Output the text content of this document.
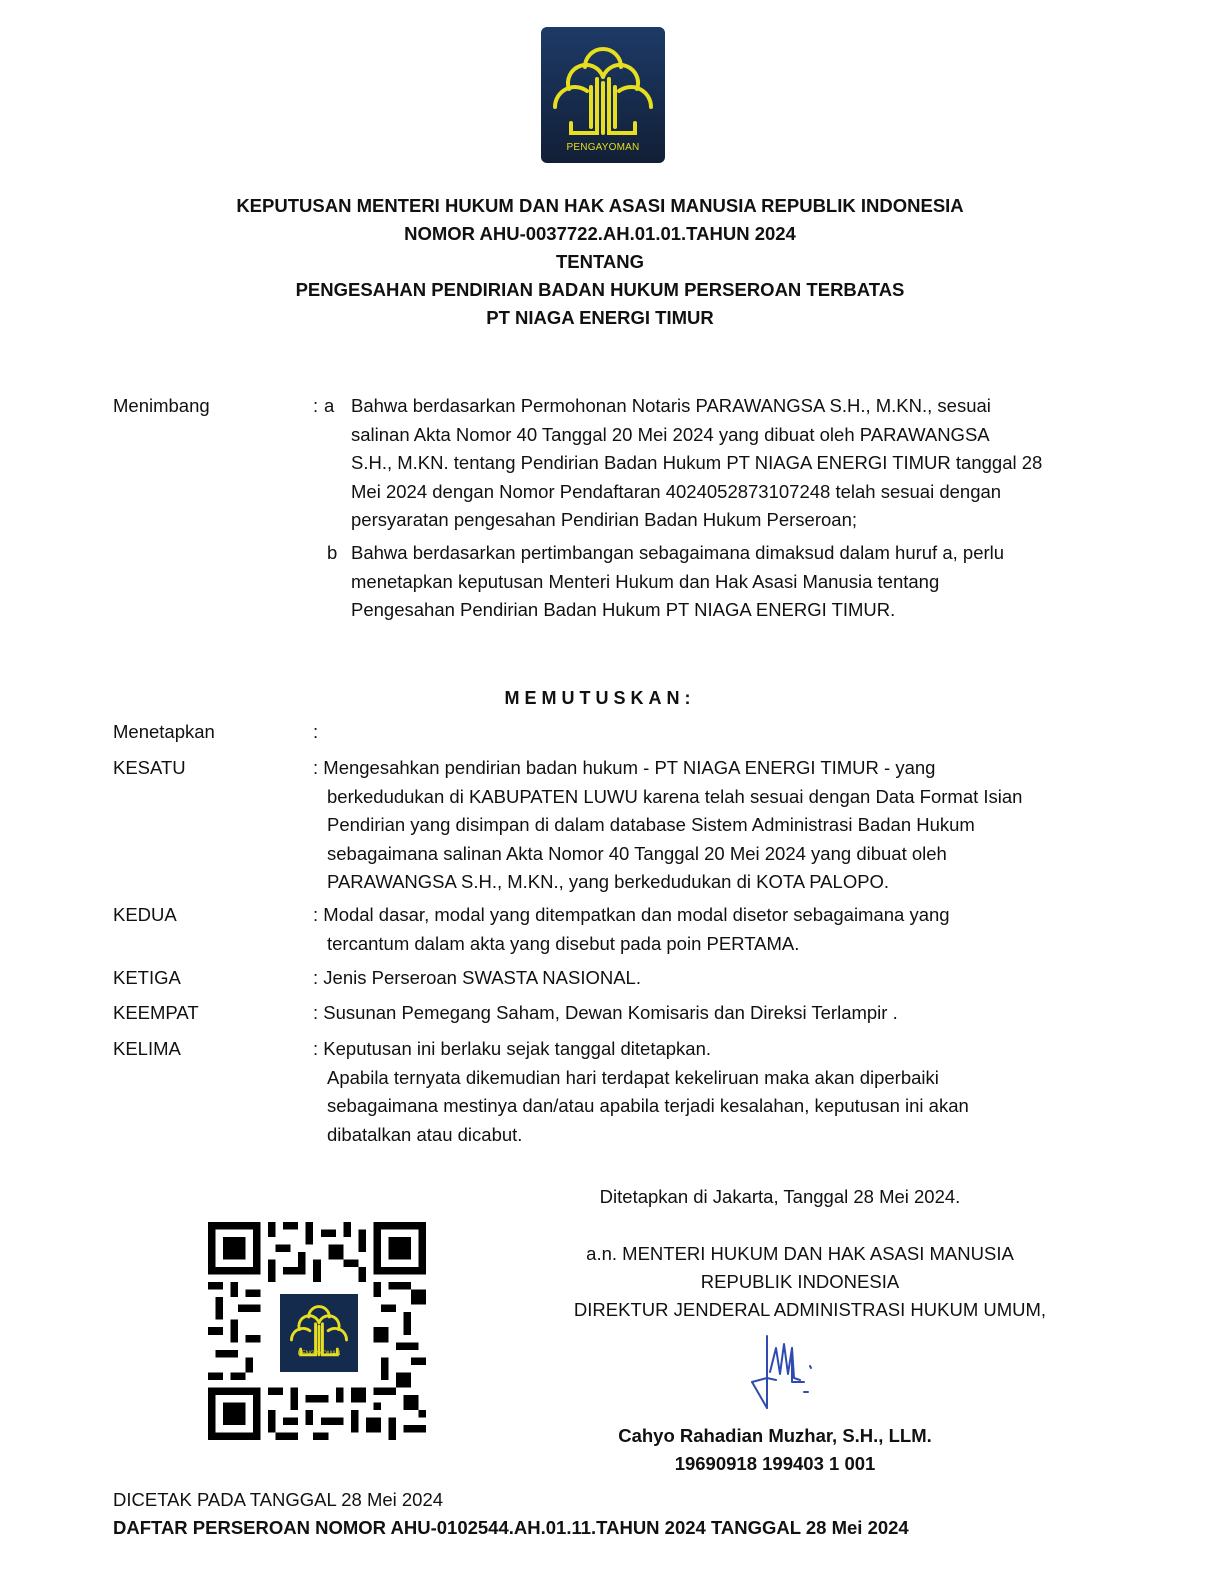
PENGAYOMAN
KEPUTUSAN MENTERI HUKUM DAN HAK ASASI MANUSIA REPUBLIK INDONESIA
NOMOR AHU-0037722.AH.01.01.TAHUN 2024
TENTANG
PENGESAHAN PENDIRIAN BADAN HUKUM PERSEROAN TERBATAS
PT NIAGA ENERGI TIMUR
Menimbang	: a Bahwa berdasarkan Permohonan Notaris PARAWANGSA S.H., M.KN., sesuai
salinan Akta Nomor 40 Tanggal 20 Mei 2024 yang dibuat oleh PARAWANGSA
S.H., M.KN. tentang Pendirian Badan Hukum PT NIAGA ENERGI TIMUR tanggal 28
Mei 2024 dengan Nomor Pendaftaran 4024052873107248 telah sesuai dengan
persyaratan pengesahan Pendirian Badan Hukum Perseroan;
b Bahwa berdasarkan pertimbangan sebagaimana dimaksud dalam huruf a, perlu
menetapkan keputusan Menteri Hukum dan Hak Asasi Manusia tentang
Pengesahan Pendirian Badan Hukum PT NIAGA ENERGI TIMUR.
MEMUTUSKAN:
Menetapkan	:
KESATU	: Mengesahkan pendirian badan hukum - PT NIAGA ENERGI TIMUR - yang
berkedudukan di KABUPATEN LUWU karena telah sesuai dengan Data Format Isian
Pendirian yang disimpan di dalam database Sistem Administrasi Badan Hukum
sebagaimana salinan Akta Nomor 40 Tanggal 20 Mei 2024 yang dibuat oleh
PARAWANGSA S.H., M.KN., yang berkedudukan di KOTA PALOPO.
KEDUA	: Modal dasar, modal yang ditempatkan dan modal disetor sebagaimana yang
tercantum dalam akta yang disebut pada poin PERTAMA.
KETIGA	: Jenis Perseroan SWASTA NASIONAL.
KEEMPAT	: Susunan Pemegang Saham, Dewan Komisaris dan Direksi Terlampir .
KELIMA	: Keputusan ini berlaku sejak tanggal ditetapkan.
Apabila ternyata dikemudian hari terdapat kekeliruan maka akan diperbaiki
sebagaimana mestinya dan/atau apabila terjadi kesalahan, keputusan ini akan
dibatalkan atau dicabut.
Ditetapkan di Jakarta, Tanggal 28 Mei 2024.
a.n. MENTERI HUKUM DAN HAK ASASI MANUSIA
REPUBLIK INDONESIA
DIREKTUR JENDERAL ADMINISTRASI HUKUM UMUM,
Cahyo Rahadian Muzhar, S.H., LLM.
19690918 199403 1 001
PENGAYOMAN
DICETAK PADA TANGGAL 28 Mei 2024
DAFTAR PERSEROAN NOMOR AHU-0102544.AH.01.11.TAHUN 2024 TANGGAL 28 Mei 2024
